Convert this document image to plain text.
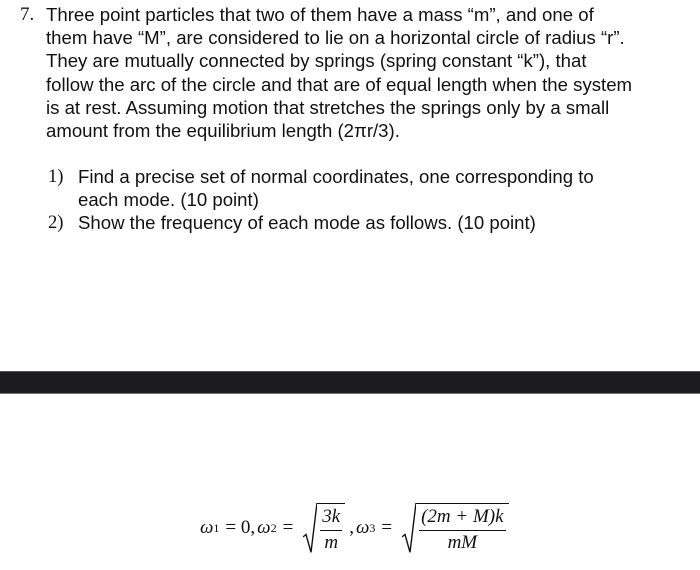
7. Three point particles that two of them have a mass “m”, and one of
them have “M”, are considered to lie on a horizontal circle of radius “r”.
They are mutually connected by springs (spring constant “k”), that
follow the arc of the circle and that are of equal length when the system
is at rest. Assuming motion that stretches the springs only by a small
amount from the equilibrium length (2πr/3).
1) Find a precise set of normal coordinates, one corresponding to
each mode. (10 point)
2) Show the frequency of each mode as follows. (10 point)
ω 1 = 0, ω $2 = \frac{3k}{m}$ , ω $3 = \frac{(2m + M)k}{mM}$
